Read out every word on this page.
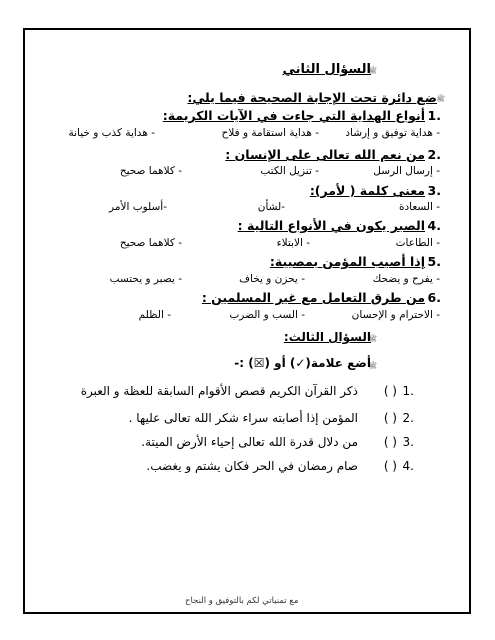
ﷺ
السؤال الثاني
ﷺ
ضع دائرة تحت الإجابة الصحيحة فيما يلي:
.1
أنواع الهداية التي جاءت في الآيات الكريمة:
- هداية توفيق و إرشاد
- هداية استقامة و فلاح
- هداية كذب و خيانة
.2
من نعم الله تعالى على الإنسان :
- إرسال الرسل
- تنزيل الكتب
- كلاهما صحيح
.3
معنى كلمة ( لأمر):
- السعادة
-لشأن
-أسلوب الأمر
.4
الصبر يكون في الأنواع التالية :
- الطاعات
- الابتلاء
- كلاهما صحيح
.5
إذا أصيب المؤمن بمصيبة:
- يفرح و يضحك
- يحزن و يخاف
- يصبر و يحتسب
.6
من طرق التعامل مع غير المسلمين :
- الاحترام و الإحسان
- السب و الضرب
- الظلم
ﷺ
السؤال الثالث:
ﷺ
أضع علامة(✓) أو (☒) :-
.1
( )
ذكر القرآن الكريم قصص الأقوام السابقة للعظة و العبرة
.2
( )
المؤمن إذا أصابته سراء شكر الله تعالى عليها .
.3
( )
من دلال قدرة الله تعالى إحياء الأرض الميتة.
.4
( )
صام رمضان في الحر فكان يشتم و يغضب.
مع تمنياتي لكم بالتوفيق و النجاح
